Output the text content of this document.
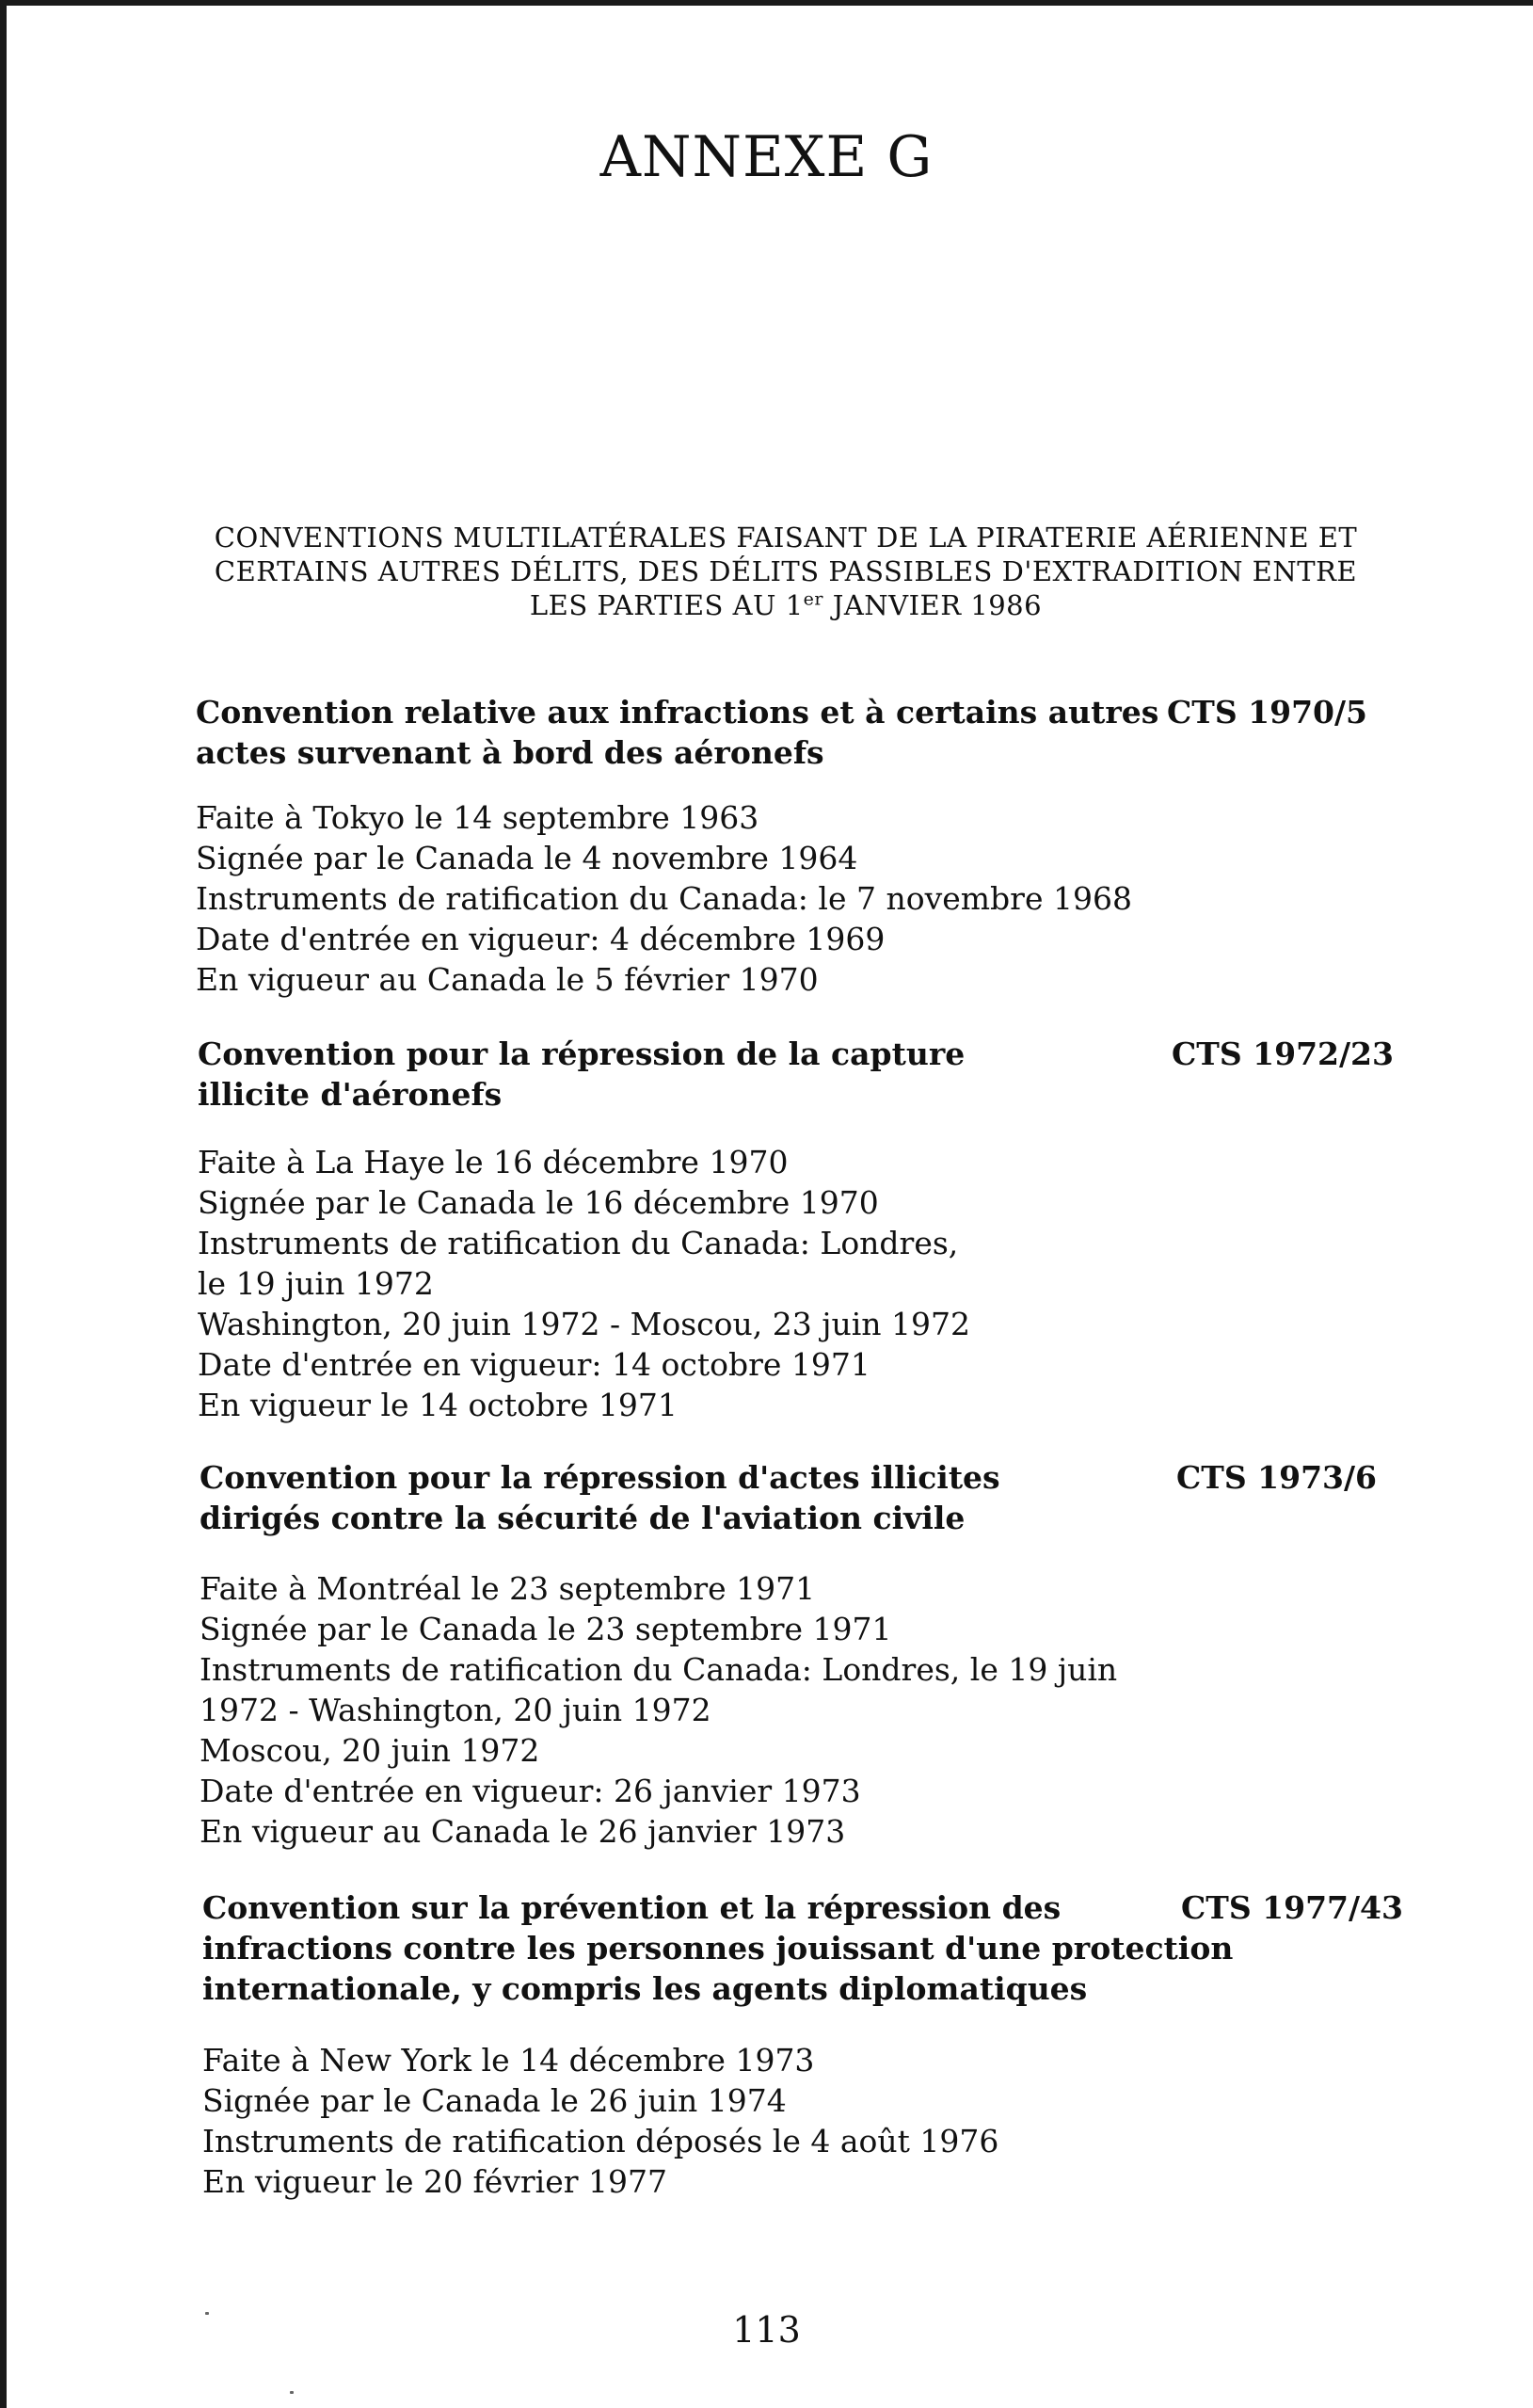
ANNEXE G
CONVENTIONS MULTILATÉRALES FAISANT DE LA PIRATERIE AÉRIENNE ET
CERTAINS AUTRES DÉLITS, DES DÉLITS PASSIBLES D'EXTRADITION ENTRE
LES PARTIES AU 1er JANVIER 1986
Convention relative aux infractions et à certains autres
actes survenant à bord des aéronefs
CTS 1970/5
Faite à Tokyo le 14 septembre 1963
Signée par le Canada le 4 novembre 1964
Instruments de ratification du Canada: le 7 novembre 1968
Date d'entrée en vigueur: 4 décembre 1969
En vigueur au Canada le 5 février 1970
Convention pour la répression de la capture
illicite d'aéronefs
CTS 1972/23
Faite à La Haye le 16 décembre 1970
Signée par le Canada le 16 décembre 1970
Instruments de ratification du Canada: Londres,
le 19 juin 1972
Washington, 20 juin 1972 - Moscou, 23 juin 1972
Date d'entrée en vigueur: 14 octobre 1971
En vigueur le 14 octobre 1971
Convention pour la répression d'actes illicites
dirigés contre la sécurité de l'aviation civile
CTS 1973/6
Faite à Montréal le 23 septembre 1971
Signée par le Canada le 23 septembre 1971
Instruments de ratification du Canada: Londres, le 19 juin
1972 - Washington, 20 juin 1972
Moscou, 20 juin 1972
Date d'entrée en vigueur: 26 janvier 1973
En vigueur au Canada le 26 janvier 1973
Convention sur la prévention et la répression des
infractions contre les personnes jouissant d'une protection
internationale, y compris les agents diplomatiques
CTS 1977/43
Faite à New York le 14 décembre 1973
Signée par le Canada le 26 juin 1974
Instruments de ratification déposés le 4 août 1976
En vigueur le 20 février 1977
113
